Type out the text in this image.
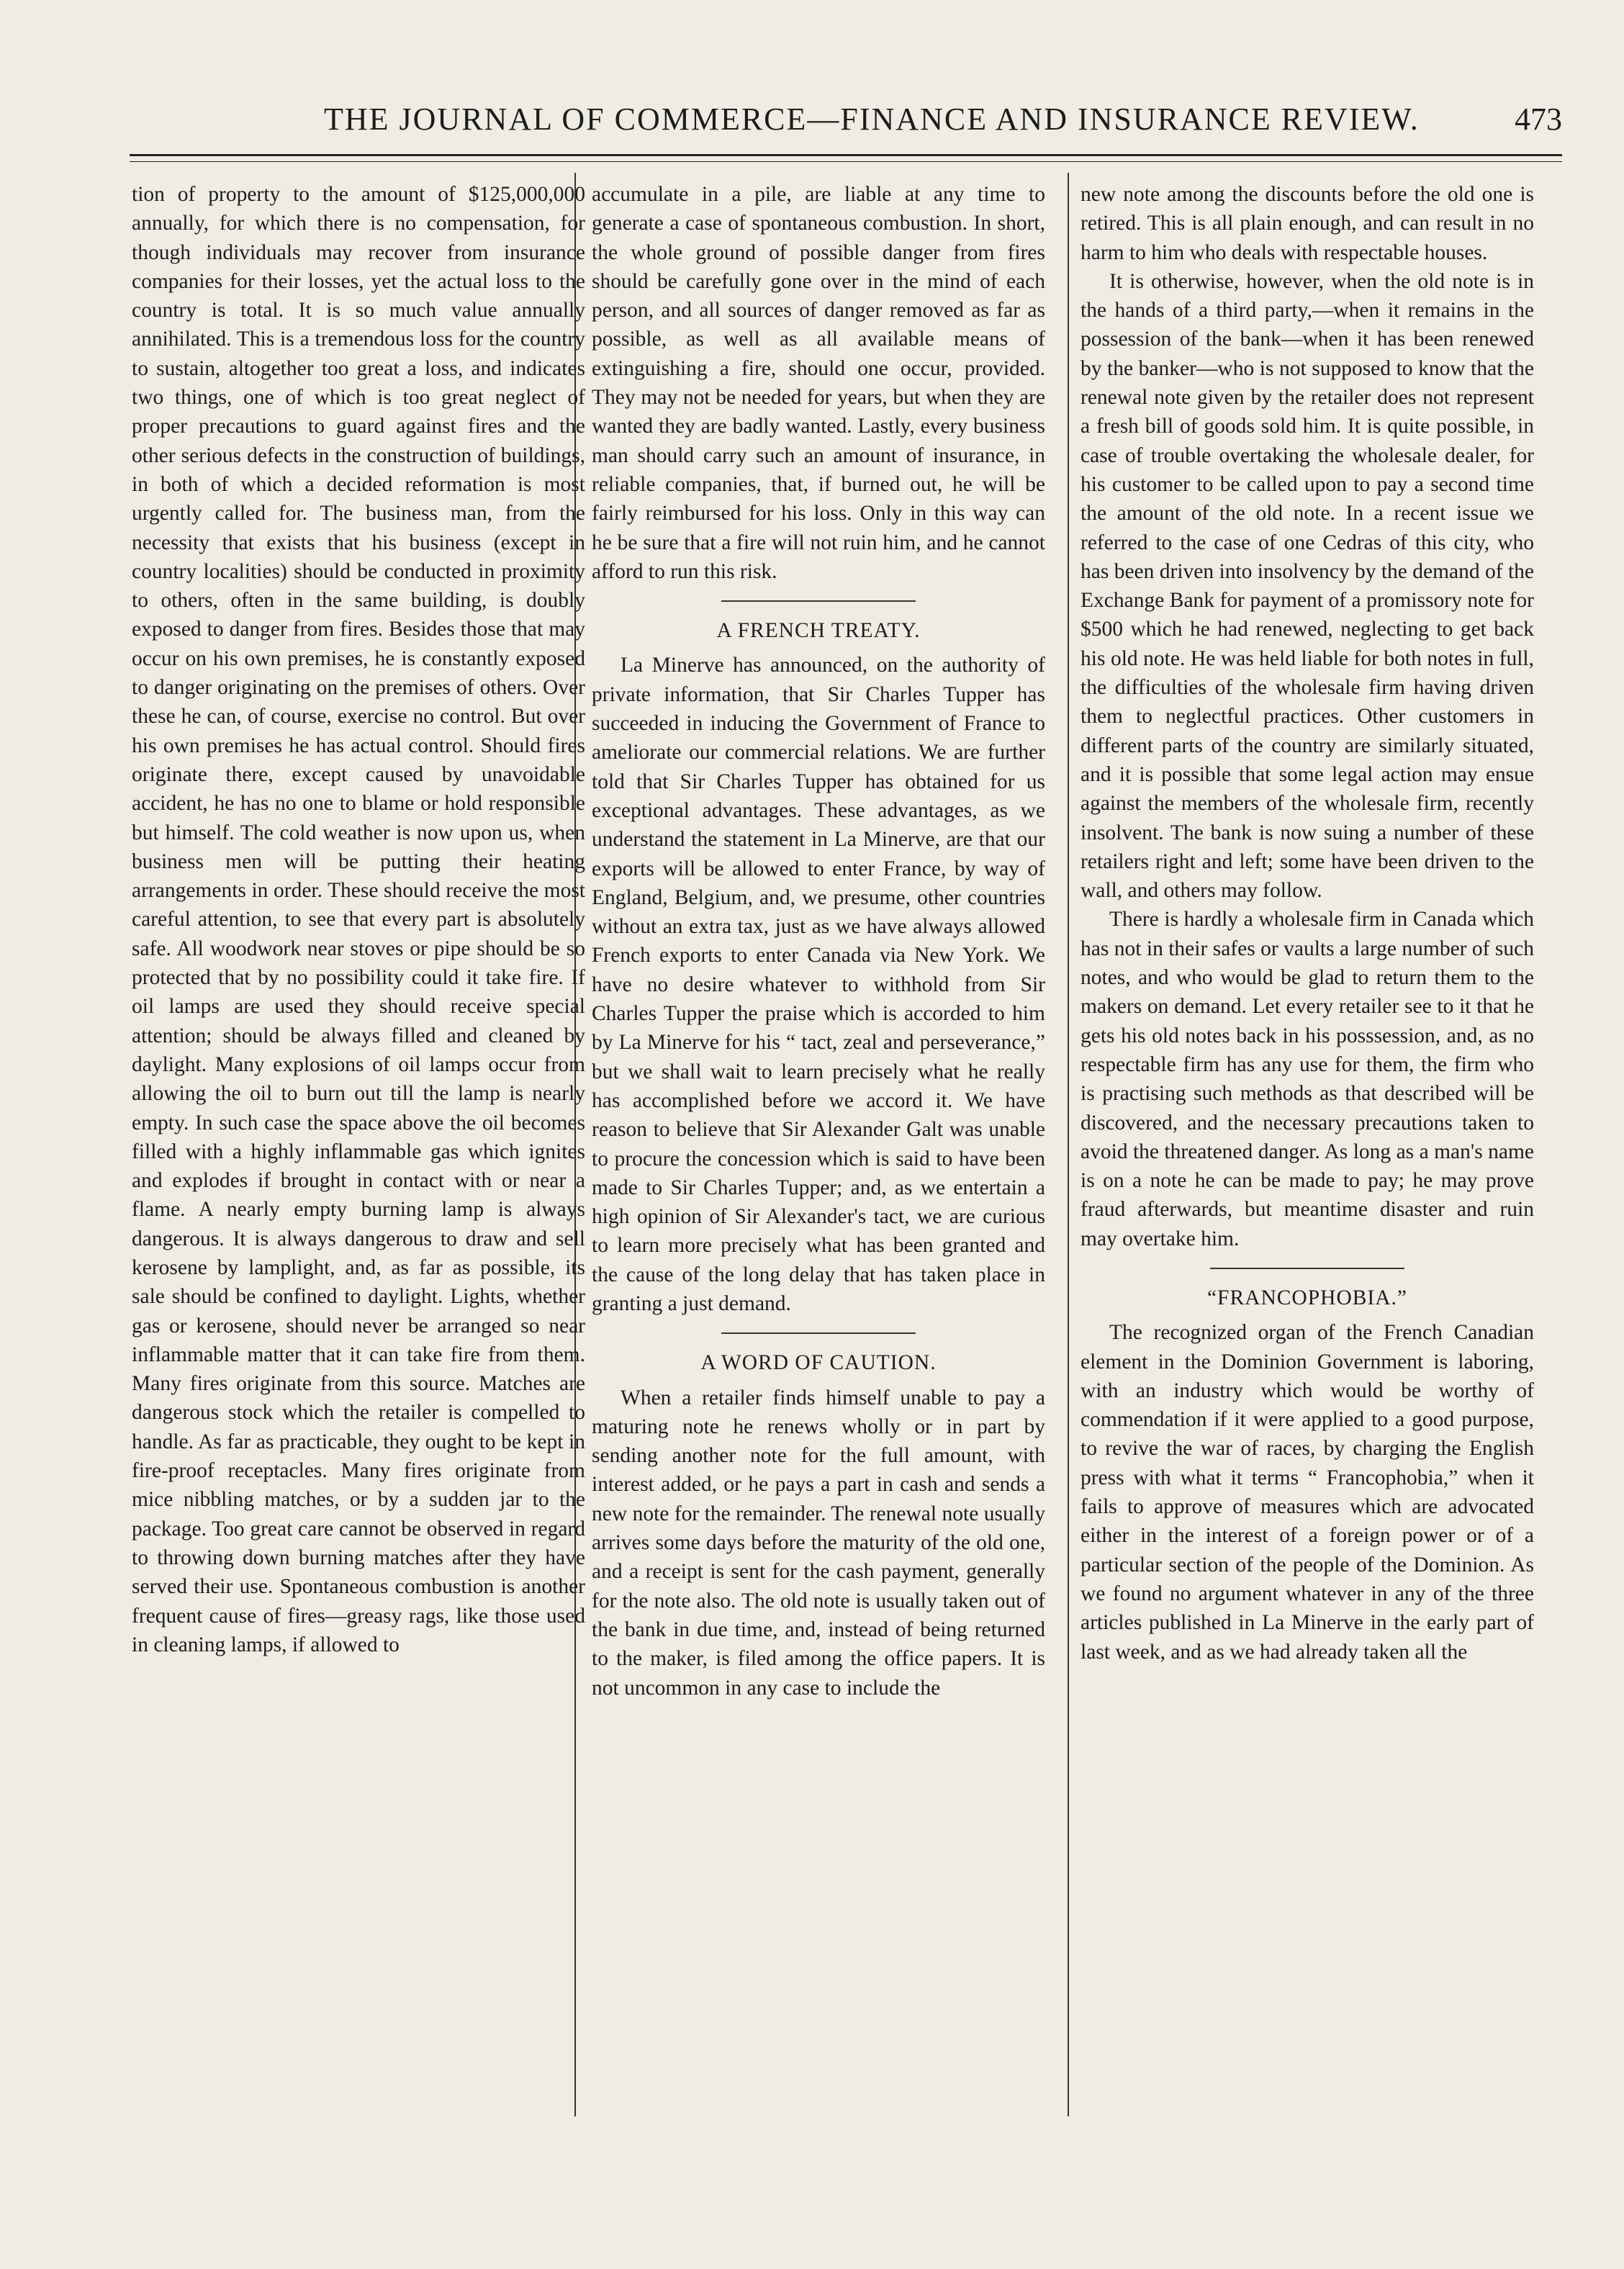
THE JOURNAL OF COMMERCE—FINANCE AND INSURANCE REVIEW.	473

tion of property to the amount of $125,000,000 annually, for which there is no compensation, for though individuals may recover from insurance companies for their losses, yet the actual loss to the country is total. It is so much value annually annihilated. This is a tremendous loss for the country to sustain, altogether too great a loss, and indicates two things, one of which is too great neglect of proper precautions to guard against fires and the other serious defects in the construction of buildings, in both of which a decided reformation is most urgently called for. The business man, from the necessity that exists that his business (except in country localities) should be conducted in proximity to others, often in the same building, is doubly exposed to danger from fires. Besides those that may occur on his own premises, he is constantly exposed to danger originating on the premises of others. Over these he can, of course, exercise no control. But over his own premises he has actual control. Should fires originate there, except caused by unavoidable accident, he has no one to blame or hold responsible but himself. The cold weather is now upon us, when business men will be putting their heating arrangements in order. These should receive the most careful attention, to see that every part is absolutely safe. All woodwork near stoves or pipe should be so protected that by no possibility could it take fire. If oil lamps are used they should receive special attention; should be always filled and cleaned by daylight. Many explosions of oil lamps occur from allowing the oil to burn out till the lamp is nearly empty. In such case the space above the oil becomes filled with a highly inflammable gas which ignites and explodes if brought in contact with or near a flame. A nearly empty burning lamp is always dangerous. It is always dangerous to draw and sell kerosene by lamplight, and, as far as possible, its sale should be confined to daylight. Lights, whether gas or kerosene, should never be arranged so near inflammable matter that it can take fire from them. Many fires originate from this source. Matches are dangerous stock which the retailer is compelled to handle. As far as practicable, they ought to be kept in fire-proof receptacles. Many fires originate from mice nibbling matches, or by a sudden jar to the package. Too great care cannot be observed in regard to throwing down burning matches after they have served their use. Spontaneous combustion is another frequent cause of fires—greasy rags, like those used in cleaning lamps, if allowed to

accumulate in a pile, are liable at any time to generate a case of spontaneous combustion. In short, the whole ground of possible danger from fires should be carefully gone over in the mind of each person, and all sources of danger removed as far as possible, as well as all available means of extinguishing a fire, should one occur, provided. They may not be needed for years, but when they are wanted they are badly wanted. Lastly, every business man should carry such an amount of insurance, in reliable companies, that, if burned out, he will be fairly reimbursed for his loss. Only in this way can he be sure that a fire will not ruin him, and he cannot afford to run this risk.

A FRENCH TREATY.

La Minerve has announced, on the authority of private information, that Sir Charles Tupper has succeeded in inducing the Government of France to ameliorate our commercial relations. We are further told that Sir Charles Tupper has obtained for us exceptional advantages. These advantages, as we understand the statement in La Minerve, are that our exports will be allowed to enter France, by way of England, Belgium, and, we presume, other countries without an extra tax, just as we have always allowed French exports to enter Canada via New York. We have no desire whatever to withhold from Sir Charles Tupper the praise which is accorded to him by La Minerve for his “ tact, zeal and perseverance,” but we shall wait to learn precisely what he really has accomplished before we accord it. We have reason to believe that Sir Alexander Galt was unable to procure the concession which is said to have been made to Sir Charles Tupper; and, as we entertain a high opinion of Sir Alexander's tact, we are curious to learn more precisely what has been granted and the cause of the long delay that has taken place in granting a just demand.

A WORD OF CAUTION.

When a retailer finds himself unable to pay a maturing note he renews wholly or in part by sending another note for the full amount, with interest added, or he pays a part in cash and sends a new note for the remainder. The renewal note usually arrives some days before the maturity of the old one, and a receipt is sent for the cash payment, generally for the note also. The old note is usually taken out of the bank in due time, and, instead of being returned to the maker, is filed among the office papers. It is not uncommon in any case to include the

new note among the discounts before the old one is retired. This is all plain enough, and can result in no harm to him who deals with respectable houses.

It is otherwise, however, when the old note is in the hands of a third party,—when it remains in the possession of the bank—when it has been renewed by the banker—who is not supposed to know that the renewal note given by the retailer does not represent a fresh bill of goods sold him. It is quite possible, in case of trouble overtaking the wholesale dealer, for his customer to be called upon to pay a second time the amount of the old note. In a recent issue we referred to the case of one Cedras of this city, who has been driven into insolvency by the demand of the Exchange Bank for payment of a promissory note for $500 which he had renewed, neglecting to get back his old note. He was held liable for both notes in full, the difficulties of the wholesale firm having driven them to neglectful practices. Other customers in different parts of the country are similarly situated, and it is possible that some legal action may ensue against the members of the wholesale firm, recently insolvent. The bank is now suing a number of these retailers right and left; some have been driven to the wall, and others may follow.

There is hardly a wholesale firm in Canada which has not in their safes or vaults a large number of such notes, and who would be glad to return them to the makers on demand. Let every retailer see to it that he gets his old notes back in his posssession, and, as no respectable firm has any use for them, the firm who is practising such methods as that described will be discovered, and the necessary precautions taken to avoid the threatened danger. As long as a man's name is on a note he can be made to pay; he may prove fraud afterwards, but meantime disaster and ruin may overtake him.

“FRANCOPHOBIA.”

The recognized organ of the French Canadian element in the Dominion Government is laboring, with an industry which would be worthy of commendation if it were applied to a good purpose, to revive the war of races, by charging the English press with what it terms “ Francophobia,” when it fails to approve of measures which are advocated either in the interest of a foreign power or of a particular section of the people of the Dominion. As we found no argument whatever in any of the three articles published in La Minerve in the early part of last week, and as we had already taken all the
